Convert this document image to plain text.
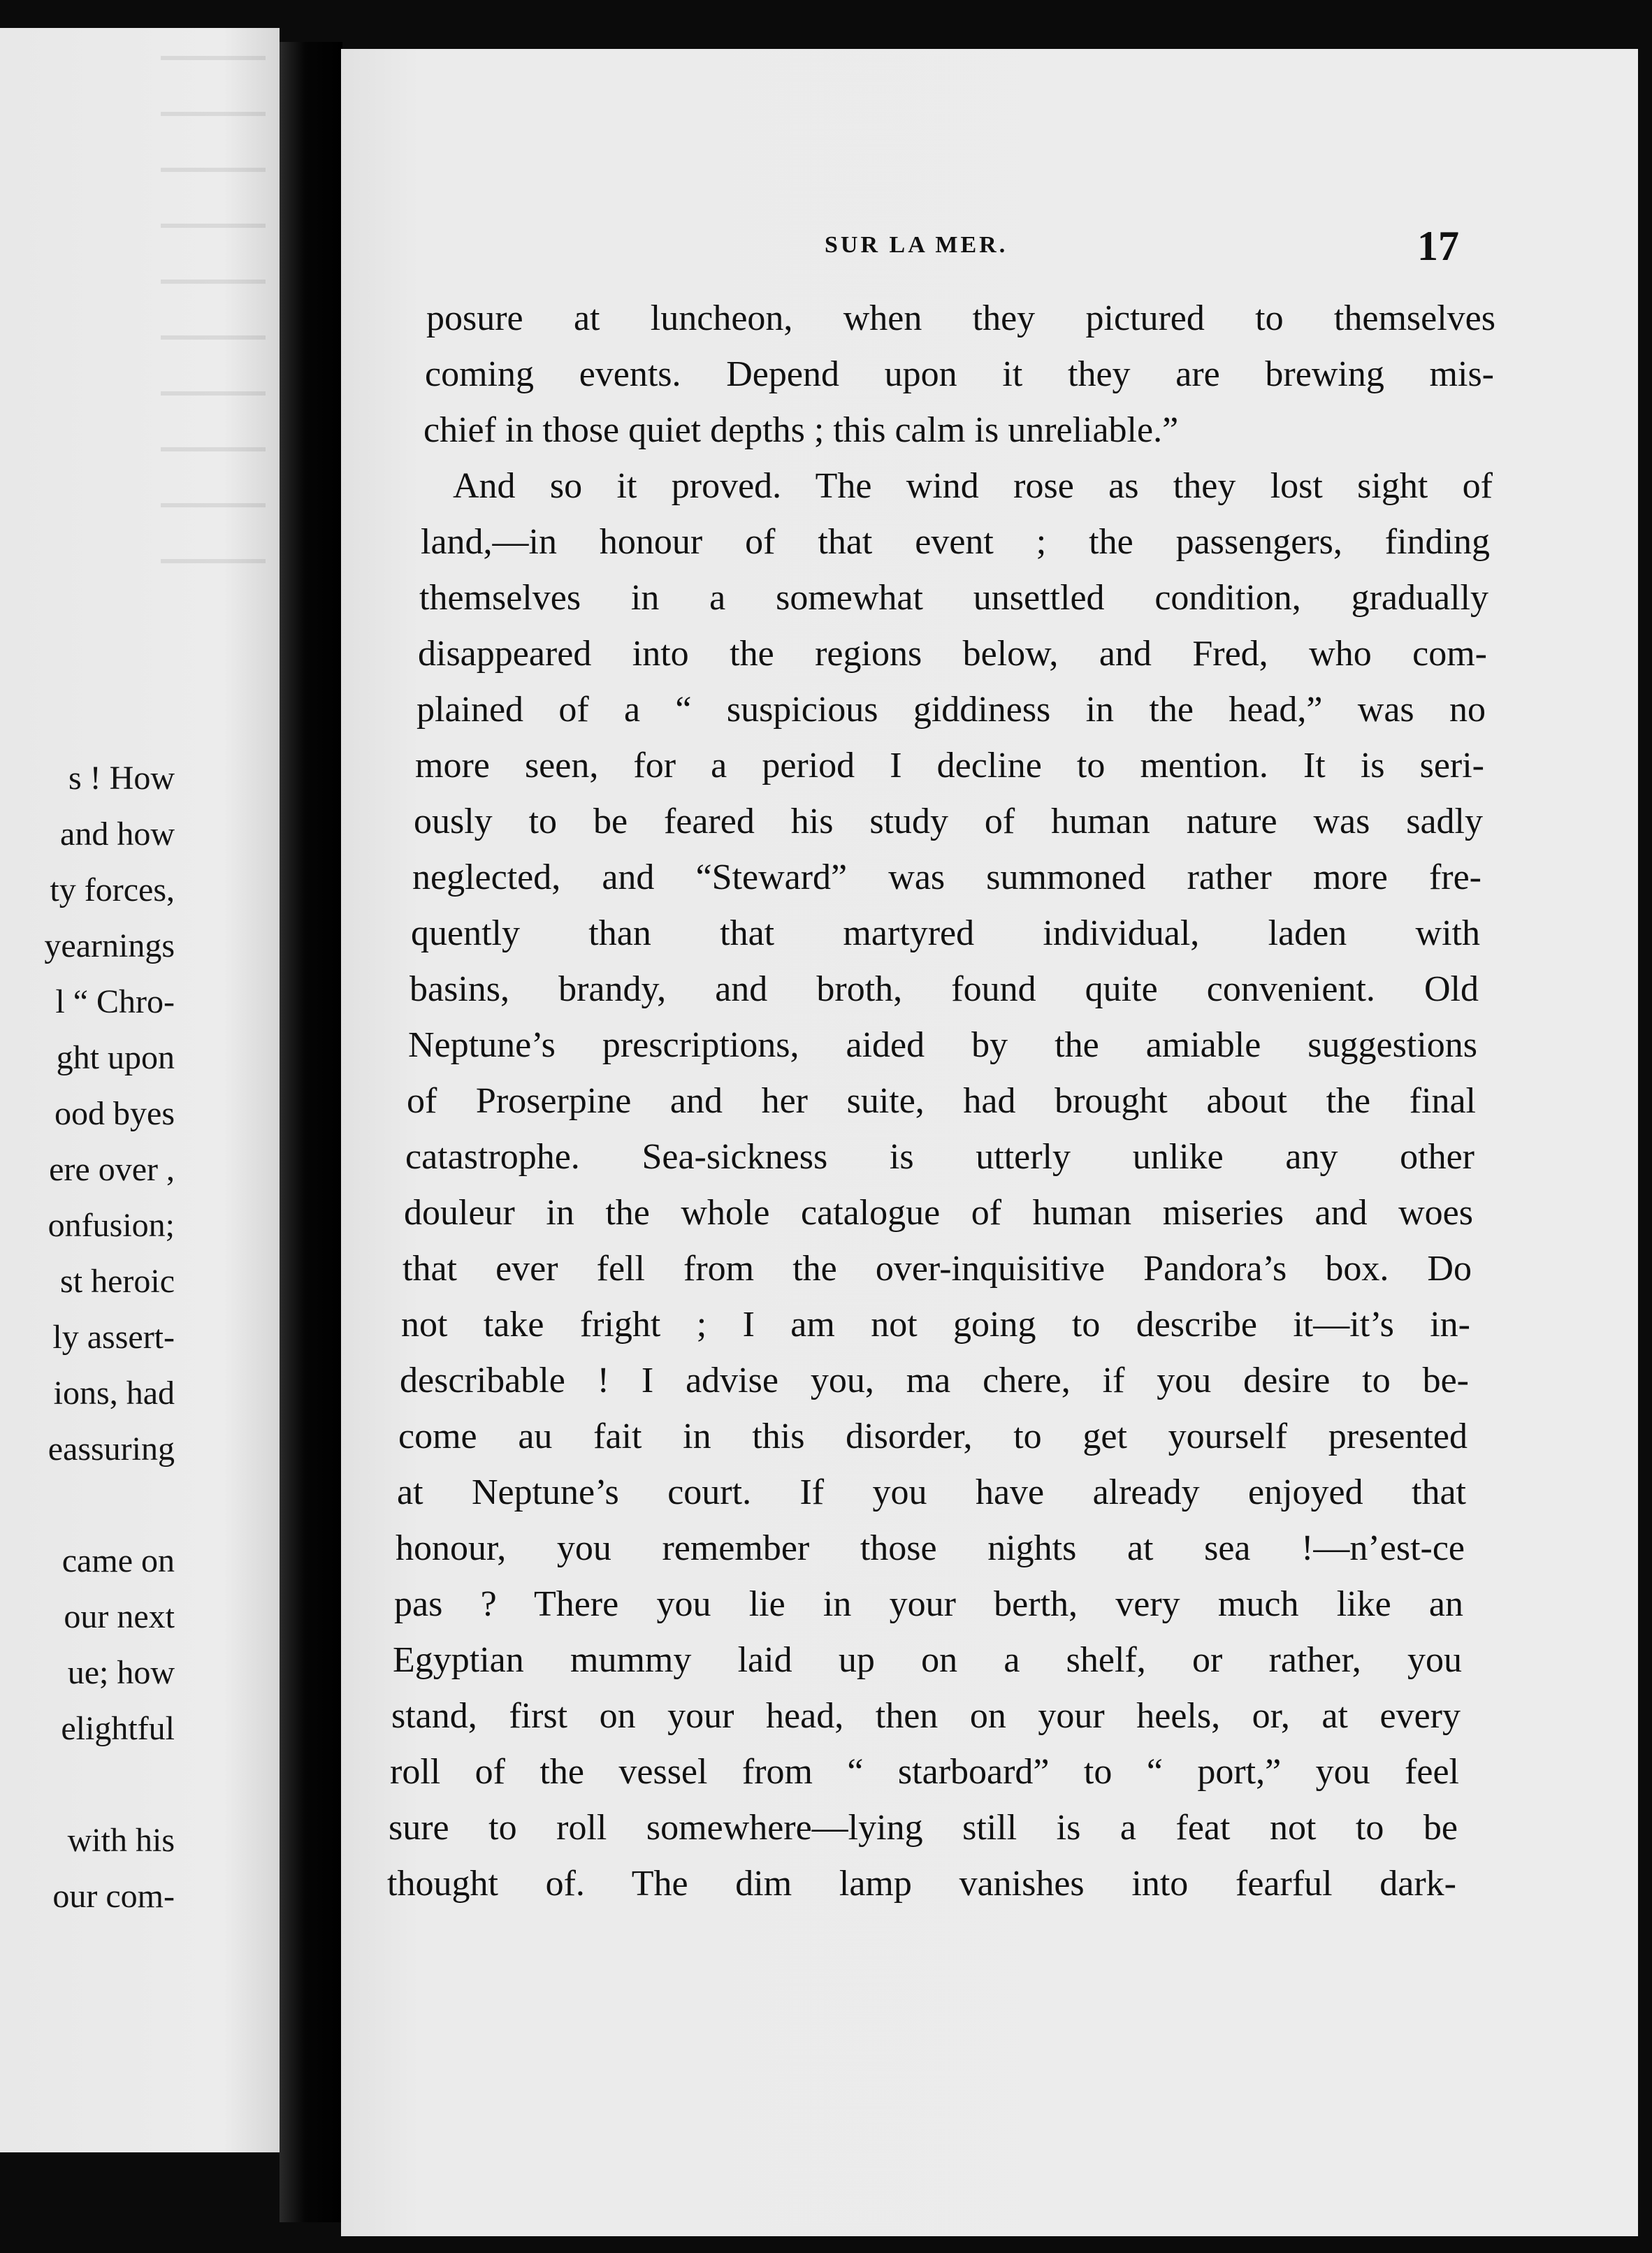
s ! How
and how
ty forces,
yearnings
l “ Chro-
ght upon
ood byes
ere over ,
onfusion;
st heroic
ly assert-
ions, had
eassuring
came on
our next
ue; how
elightful
with his
our com-
SUR LA MER.	17
posure at luncheon, when they pictured to themselves
coming events. Depend upon it they are brewing mis-
chief in those quiet depths ; this calm is unreliable.”
And so it proved. The wind rose as they lost sight of
land,—in honour of that event ; the passengers, finding
themselves in a somewhat unsettled condition, gradually
disappeared into the regions below, and Fred, who com-
plained of a “ suspicious giddiness in the head,” was no
more seen, for a period I decline to mention. It is seri-
ously to be feared his study of human nature was sadly
neglected, and “Steward” was summoned rather more fre-
quently than that martyred individual, laden with
basins, brandy, and broth, found quite convenient. Old
Neptune’s prescriptions, aided by the amiable suggestions
of Proserpine and her suite, had brought about the final
catastrophe. Sea-sickness is utterly unlike any other
douleur in the whole catalogue of human miseries and woes
that ever fell from the over-inquisitive Pandora’s box. Do
not take fright ; I am not going to describe it—it’s in-
describable ! I advise you, ma chere, if you desire to be-
come au fait in this disorder, to get yourself presented
at Neptune’s court. If you have already enjoyed that
honour, you remember those nights at sea !—n’est-ce
pas ? There you lie in your berth, very much like an
Egyptian mummy laid up on a shelf, or rather, you
stand, first on your head, then on your heels, or, at every
roll of the vessel from “ starboard” to “ port,” you feel
sure to roll somewhere—lying still is a feat not to be
thought of. The dim lamp vanishes into fearful dark-
